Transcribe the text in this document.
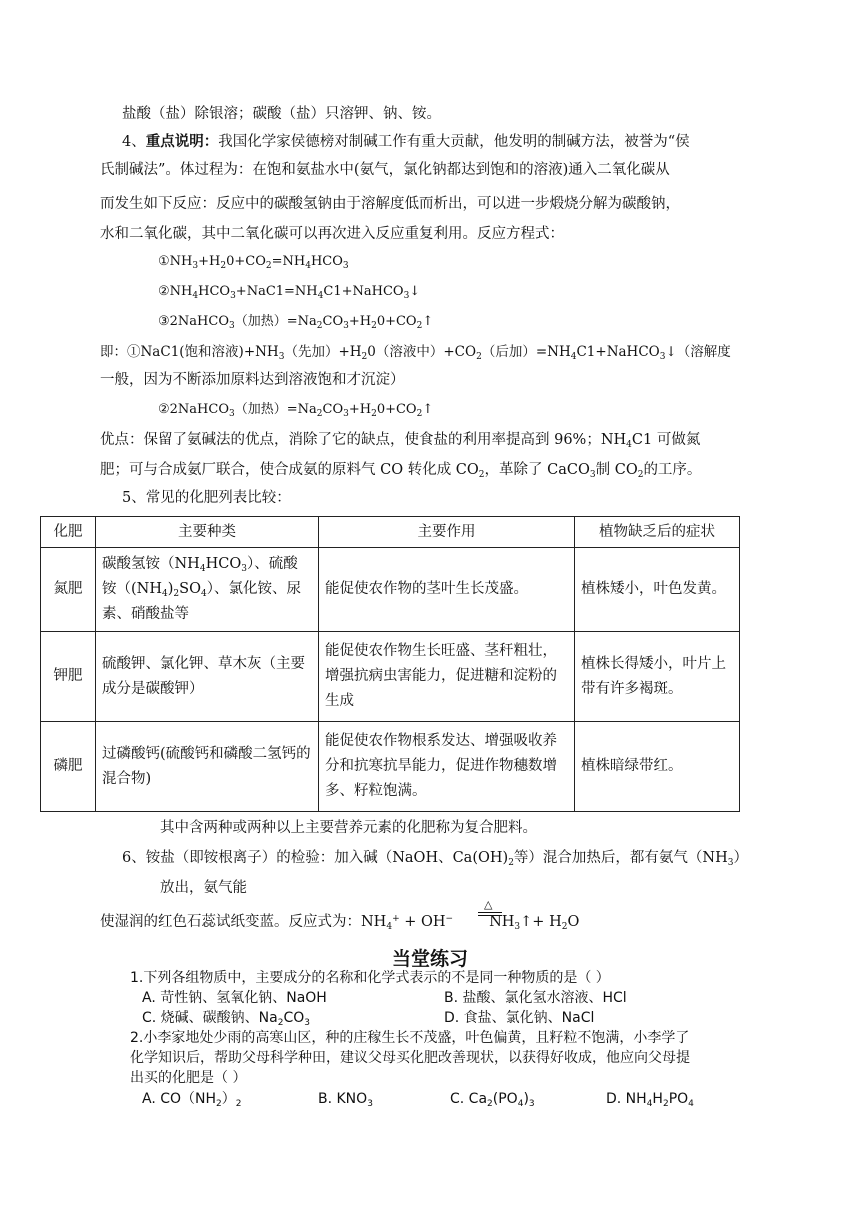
盐酸（盐）除银溶；碳酸（盐）只溶钾、钠、铵。
4、重点说明：我国化学家侯德榜对制碱工作有重大贡献，他发明的制碱方法，被誉为“侯
氏制碱法”。体过程为：在饱和氨盐水中(氨气，氯化钠都达到饱和的溶液)通入二氧化碳从
而发生如下反应：反应中的碳酸氢钠由于溶解度低而析出，可以进一步煅烧分解为碳酸钠，
水和二氧化碳，其中二氧化碳可以再次进入反应重复利用。反应方程式：
$①NH_3+H_20+CO_2=NH_4HCO_3$
$②NH_4HCO_3+NaC1=NH_4C1+NaHCO_3↓$
③2NaHCO$_3$（加热）$=Na_2CO_3+H_20+CO_2↑$
即：①NaC1(饱和溶液)$+NH_3$（先加）$+H_20$（溶液中）$+CO_2$（后加）$=NH_4C1+NaHCO_3↓$（溶解度
一般，因为不断添加原料达到溶液饱和才沉淀）
②2NaHCO$_3$（加热）$=Na_2CO_3+H_20+CO_2↑$
优点：保留了氨碱法的优点，消除了它的缺点，使食盐的利用率提高到 96%；$NH_4C1$ 可做氮
肥；可与合成氨厂联合，使合成氨的原料气 CO 转化成 $CO_2$，革除了 CaCO$_3$制 $CO_2$的工序。
5、常见的化肥列表比较：
化肥	主要种类	主要作用	植物缺乏后的症状
氮肥	碳酸氢铵$(NH_4HCO_3)$、硫酸铵$((NH_4)_2SO_4)$、氯化铵、尿素、硝酸盐等	能促使农作物的茎叶生长茂盛。	植株矮小，叶色发黄。
钾肥	硫酸钾、氯化钾、草木灰（主要成分是碳酸钾）	能促使农作物生长旺盛、茎秆粗壮，增强抗病虫害能力，促进糖和淀粉的生成	植株长得矮小，叶片上带有许多褐斑。
磷肥	过磷酸钙(硫酸钙和磷酸二氢钙的混合物)	能促使农作物根系发达、增强吸收养分和抗寒抗旱能力，促进作物穗数增多、籽粒饱满。	植株暗绿带红。
其中含两种或两种以上主要营养元素的化肥称为复合肥料。
6、铵盐（即铵根离子）的检验：加入碱（NaOH、$Ca(OH)_2$等）混合加热后，都有氨气$(NH_3)$
放出，氨气能
使湿润的红色石蕊试纸变蓝。反应式为：$NH_4^+ + OH^-$ $NH_3↑+ H_2O$
△
当堂练习
1.下列各组物质中，主要成分的名称和化学式表示的不是同一种物质的是（ ）
A. 苛性钠、氢氧化钠、NaOH	B. 盐酸、氯化氢水溶液、HCl
C. 烧碱、碳酸钠、$Na_2CO_3$	D. 食盐、氯化钠、NaCl
2.小李家地处少雨的高寒山区，种的庄稼生长不茂盛，叶色偏黄，且籽粒不饱满，小李学了
化学知识后，帮助父母科学种田，建议父母买化肥改善现状，以获得好收成，他应向父母提
出买的化肥是（ ）
A. $CO(NH_2)_2$	B. $KNO_3$	C. $Ca_2(PO_4)_3$	D. $NH_4H_2PO_4$
